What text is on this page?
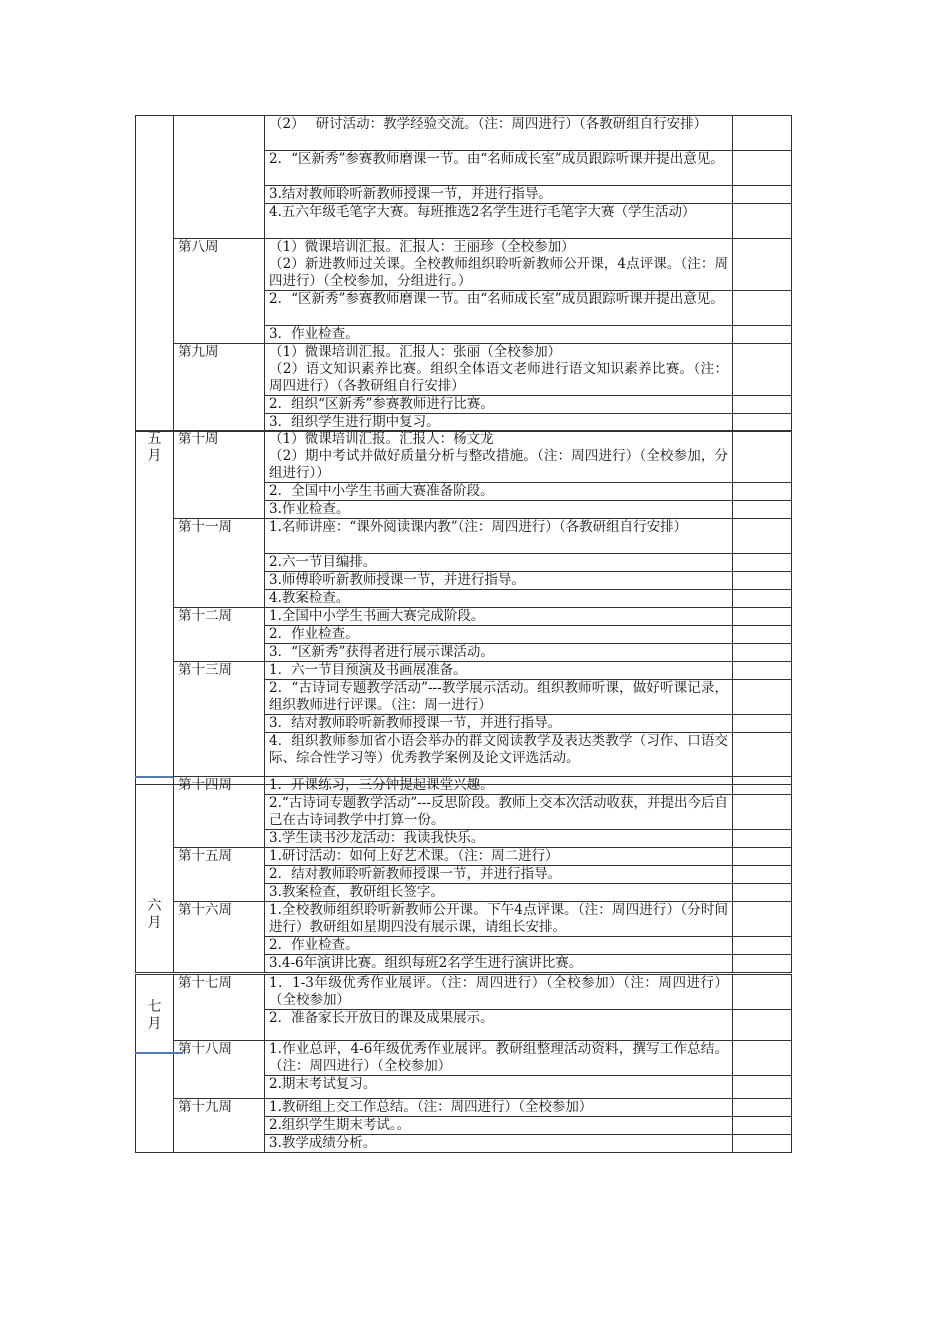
		（2）　 研讨活动：教学经验交流。（注：周四进行）（各教研组自行安排）	
		2．“区新秀”参赛教师磨课一节。由“名师成长室”成员跟踪听课并提出意见。	
		3.结对教师聆听新教师授课一节，并进行指导。	
		4.五六年级毛笔字大赛。每班推选2名学生进行毛笔字大赛（学生活动）	
	第八周	（1）微课培训汇报。汇报人：王丽珍（全校参加）
（2）新进教师过关课。全校教师组织聆听新教师公开课，4点评课。（注：周四进行）（全校参加，分组进行。）	
		2．“区新秀”参赛教师磨课一节。由“名师成长室”成员跟踪听课并提出意见。	
		3．作业检查。	
	第九周	（1）微课培训汇报。汇报人：张丽（全校参加）
（2）语文知识素养比赛。组织全体语文老师进行语文知识素养比赛。（注：周四进行）（各教研组自行安排）	
		2．组织“区新秀”参赛教师进行比赛。	
		3．组织学生进行期中复习。	
五月	第十周	（1）微课培训汇报。汇报人：杨文龙
（2）期中考试并做好质量分析与整改措施。（注：周四进行）（全校参加，分组进行））	
		2．全国中小学生书画大赛准备阶段。	
		3.作业检查。	
	第十一周	1.名师讲座：“课外阅读课内教”（注：周四进行）（各教研组自行安排）	
		2.六一节目编排。	
		3.师傅聆听新教师授课一节，并进行指导。	
		4.教案检查。	
	第十二周	1.全国中小学生书画大赛完成阶段。	
		2．作业检查。	
		3．“区新秀”获得者进行展示课活动。	
	第十三周	1．六一节目预演及书画展准备。	
		2．“古诗词专题教学活动”---教学展示活动。组织教师听课，做好听课记录，组织教师进行评课。（注：周一进行）	
		3．结对教师聆听新教师授课一节，并进行指导。	
		4．组织教师参加省小语会举办的群文阅读教学及表达类教学（习作、口语交际、综合性学习等）优秀教学案例及论文评选活动。	
六月	第十四周	1．开课练习，三分钟提起课堂兴趣。	
		2.“古诗词专题教学活动”---反思阶段。教师上交本次活动收获，并提出今后自己在古诗词教学中打算一份。	
		3.学生读书沙龙活动：我读我快乐。	
	第十五周	1.研讨活动：如何上好艺术课。（注：周二进行）	
		2．结对教师聆听新教师授课一节，并进行指导。	
		3.教案检查，教研组长签字。	
	第十六周	1.全校教师组织聆听新教师公开课。下午4点评课。（注：周四进行）（分时间进行）教研组如星期四没有展示课，请组长安排。	
		2．作业检查。	
		3.4-6年演讲比赛。组织每班2名学生进行演讲比赛。	
七月	第十七周	1．1-3年级优秀作业展评。（注：周四进行）（全校参加）（注：周四进行）（全校参加）	
		2．准备家长开放日的课及成果展示。	
	第十八周	1.作业总评，4-6年级优秀作业展评。教研组整理活动资料，撰写工作总结。（注：周四进行）（全校参加）	
		2.期末考试复习。	
	第十九周	1.教研组上交工作总结。（注：周四进行）（全校参加）	
		2.组织学生期末考试。。	
		3.教学成绩分析。	
